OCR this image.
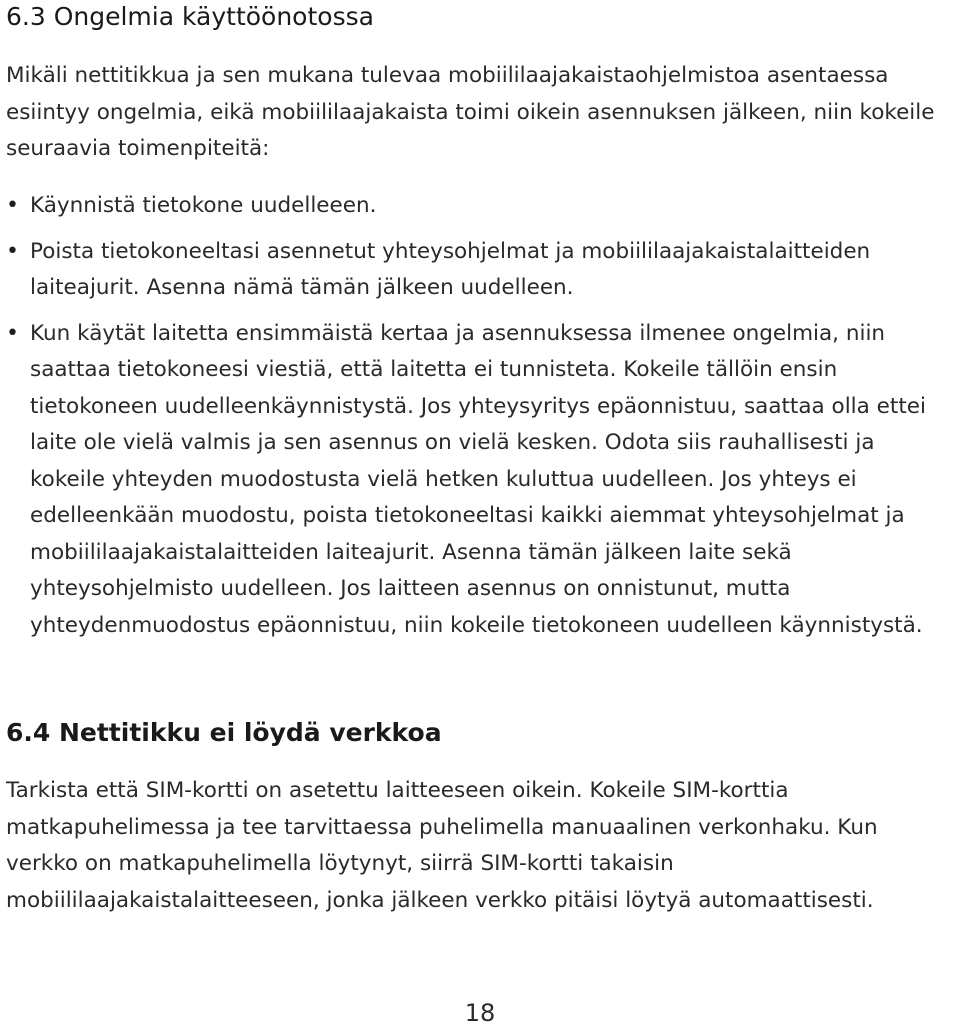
6.3 Ongelmia käyttöönotossa

Mikäli nettitikkua ja sen mukana tulevaa mobiililaajakaistaohjelmistoa asentaessa esiintyy ongelmia, eikä mobiililaajakaista toimi oikein asennuksen jälkeen, niin kokeile seuraavia toimenpiteitä:

• Käynnistä tietokone uudelleeen.
• Poista tietokoneeltasi asennetut yhteysohjelmat ja mobiililaajakaistalaitteiden laiteajurit. Asenna nämä tämän jälkeen uudelleen.
• Kun käytät laitetta ensimmäistä kertaa ja asennuksessa ilmenee ongelmia, niin saattaa tietokoneesi viestiä, että laitetta ei tunnisteta. Kokeile tällöin ensin tietokoneen uudelleenkäynnistystä. Jos yhteysyritys epäonnistuu, saattaa olla ettei laite ole vielä valmis ja sen asennus on vielä kesken. Odota siis rauhallisesti ja kokeile yhteyden muodostusta vielä hetken kuluttua uudelleen. Jos yhteys ei edelleenkään muodostu, poista tietokoneeltasi kaikki aiemmat yhteysohjelmat ja mobiililaajakaistalaitteiden laiteajurit. Asenna tämän jälkeen laite sekä yhteysohjelmisto uudelleen. Jos laitteen asennus on onnistunut, mutta yhteydenmuodostus epäonnistuu, niin kokeile tietokoneen uudelleen käynnistystä.
6.4 Nettitikku ei löydä verkkoa

Tarkista että SIM-kortti on asetettu laitteeseen oikein. Kokeile SIM-korttia matkapuhelimessa ja tee tarvittaessa puhelimella manuaalinen verkonhaku. Kun verkko on matkapuhelimella löytynyt, siirrä SIM-kortti takaisin mobiililaajakaistalaitteeseen, jonka jälkeen verkko pitäisi löytyä automaattisesti.

18
